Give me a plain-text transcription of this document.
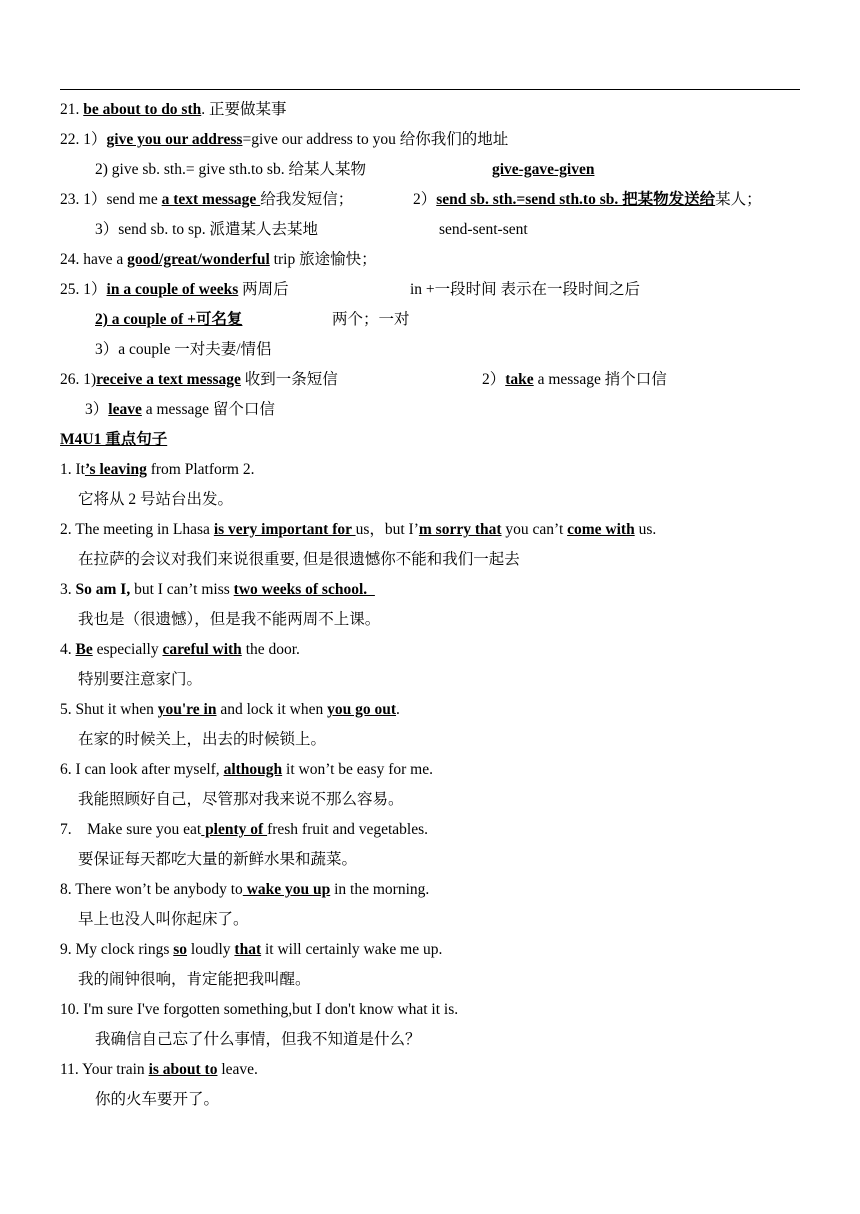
21. be about to do sth. 正要做某事
22. 1）give you our address=give our address to you 给你我们的地址
2) give sb. sth.= give sth.to sb. 给某人某物	give-gave-given
23. 1）send me a text message 给我发短信；	2）send sb. sth.=send sth.to sb. 把某物发送给某人；
3）send sb. to sp. 派遣某人去某地	send-sent-sent
24. have a good/great/wonderful trip 旅途愉快；
25. 1）in a couple of weeks 两周后	in +一段时间 表示在一段时间之后
2) a couple of +可名复	两个；一对
3）a couple 一对夫妻/情侣
26. 1)receive a text message 收到一条短信	2）take a message 捎个口信
3）leave a message 留个口信
M4U1 重点句子
1. It’s leaving from Platform 2.
它将从 2 号站台出发。
2. The meeting in Lhasa is very important for us，but I’m sorry that you can’t come with us.
在拉萨的会议对我们来说很重要, 但是很遗憾你不能和我们一起去
3. So am I, but I can’t miss two weeks of school.
我也是（很遗憾），但是我不能两周不上课。
4. Be especially careful with the door.
特别要注意家门。
5. Shut it when you're in and lock it when you go out.
在家的时候关上，出去的时候锁上。
6. I can look after myself, although it won’t be easy for me.
我能照顾好自己，尽管那对我来说不那么容易。
7.    Make sure you eat plenty of fresh fruit and vegetables.
要保证每天都吃大量的新鲜水果和蔬菜。
8. There won’t be anybody to wake you up in the morning.
早上也没人叫你起床了。
9. My clock rings so loudly that it will certainly wake me up.
我的闹钟很响，肯定能把我叫醒。
10. I'm sure I've forgotten something,but I don't know what it is.
我确信自己忘了什么事情，但我不知道是什么？
11. Your train is about to leave.
你的火车要开了。
